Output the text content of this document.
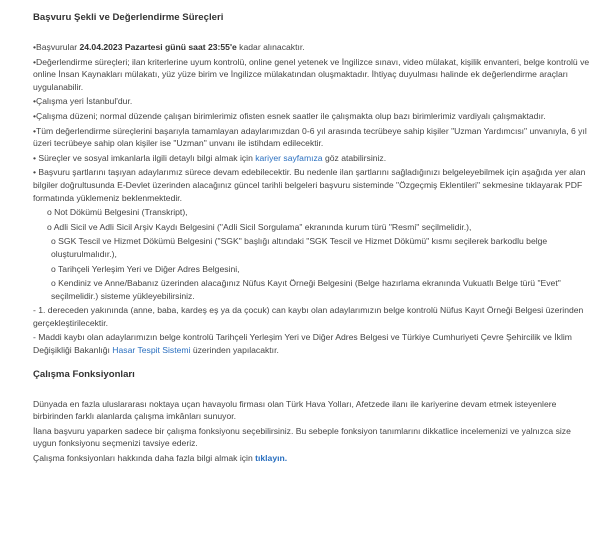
Başvuru Şekli ve Değerlendirme Süreçleri
•Başvurular 24.04.2023 Pazartesi günü saat 23:55'e kadar alınacaktır.
•Değerlendirme süreçleri; ilan kriterlerine uyum kontrolü, online genel yetenek ve İngilizce sınavı, video mülakat, kişilik envanteri, belge kontrolü ve online İnsan Kaynakları mülakatı, yüz yüze birim ve İngilizce mülakatından oluşmaktadır. İhtiyaç duyulması halinde ek değerlendirme araçları uygulanabilir.
•Çalışma yeri İstanbul'dur.
•Çalışma düzeni; normal düzende çalışan birimlerimiz ofisten esnek saatler ile çalışmakta olup bazı birimlerimiz vardiyalı çalışmaktadır.
•Tüm değerlendirme süreçlerini başarıyla tamamlayan adaylarımızdan 0-6 yıl arasında tecrübeye sahip kişiler "Uzman Yardımcısı" unvanıyla, 6 yıl üzeri tecrübeye sahip olan kişiler ise "Uzman" unvanı ile istihdam edilecektir.
• Süreçler ve sosyal imkanlarla ilgili detaylı bilgi almak için kariyer sayfamıza göz atabilirsiniz.
• Başvuru şartlarını taşıyan adaylarımız sürece devam edebilecektir. Bu nedenle ilan şartlarını sağladığınızı belgeleyebilmek için aşağıda yer alan bilgiler doğrultusunda E-Devlet üzerinden alacağınız güncel tarihli belgeleri başvuru sisteminde "Özgeçmiş Eklentileri" sekmesine tıklayarak PDF formatında yüklemeniz beklenmektedir.
o Not Dökümü Belgesini (Transkript),
o Adli Sicil ve Adli Sicil Arşiv Kaydı Belgesini ("Adli Sicil Sorgulama" ekranında kurum türü "Resmi" seçilmelidir.),
o SGK Tescil ve Hizmet Dökümü Belgesini ("SGK" başlığı altındaki "SGK Tescil ve Hizmet Dökümü" kısmı seçilerek barkodlu belge oluşturulmalıdır.),
o Tarihçeli Yerleşim Yeri ve Diğer Adres Belgesini,
o Kendiniz ve Anne/Babanız üzerinden alacağınız Nüfus Kayıt Örneği Belgesini (Belge hazırlama ekranında Vukuatlı Belge türü "Evet" seçilmelidir.) sisteme yükleyebilirsiniz.
- 1. dereceden yakınında (anne, baba, kardeş eş ya da çocuk) can kaybı olan adaylarımızın belge kontrolü Nüfus Kayıt Örneği Belgesi üzerinden gerçekleştirilecektir.
- Maddi kaybı olan adaylarımızın belge kontrolü Tarihçeli Yerleşim Yeri ve Diğer Adres Belgesi ve Türkiye Cumhuriyeti Çevre Şehircilik ve İklim Değişikliği Bakanlığı Hasar Tespit Sistemi üzerinden yapılacaktır.
Çalışma Fonksiyonları
Dünyada en fazla uluslararası noktaya uçan havayolu firması olan Türk Hava Yolları, Afetzede ilanı ile kariyerine devam etmek isteyenlere birbirinden farklı alanlarda çalışma imkânları sunuyor.
İlana başvuru yaparken sadece bir çalışma fonksiyonu seçebilirsiniz. Bu sebeple fonksiyon tanımlarını dikkatlice incelemenizi ve yalnızca size uygun fonksiyonu seçmenizi tavsiye ederiz.
Çalışma fonksiyonları hakkında daha fazla bilgi almak için tıklayın.
